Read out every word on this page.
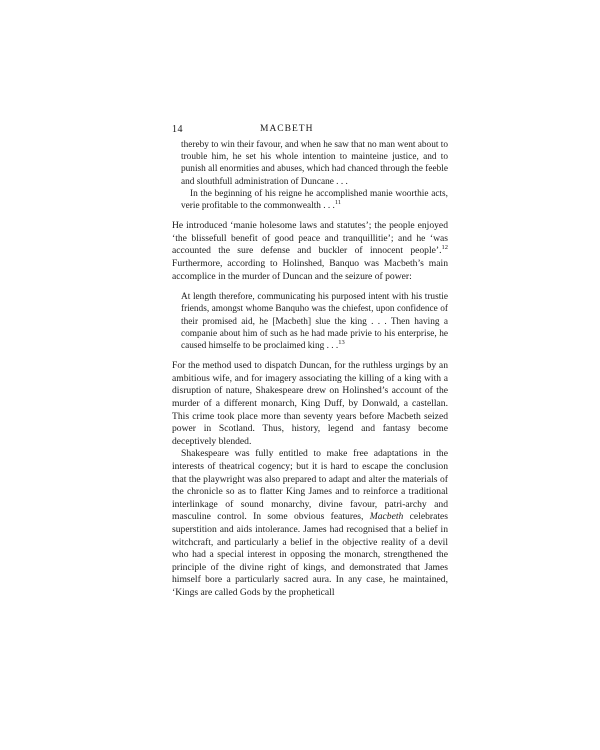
14	MACBETH

thereby to win their favour, and when he saw that no man went about to trouble him, he set his whole intention to mainteine justice, and to punish all enormities and abuses, which had chanced through the feeble and slouthfull administration of Duncane . . .

In the beginning of his reigne he accomplished manie woorthie acts, verie profitable to the commonwealth . . .$^{11}$

He introduced ‘manie holesome laws and statutes’; the people enjoyed ‘the blissefull benefit of good peace and tranquillitie’; and he ‘was accounted the sure defense and buckler of innocent people’.$^{12}$ Furthermore, according to Holinshed, Banquo was Macbeth’s main accomplice in the murder of Duncan and the seizure of power:

At length therefore, communicating his purposed intent with his trustie friends, amongst whome Banquho was the chiefest, upon confidence of their promised aid, he [Macbeth] slue the king . . . Then having a companie about him of such as he had made privie to his enterprise, he caused himselfe to be proclaimed king . . .$^{13}$

For the method used to dispatch Duncan, for the ruthless urgings by an ambitious wife, and for imagery associating the killing of a king with a disruption of nature, Shakespeare drew on Holinshed’s account of the murder of a different monarch, King Duff, by Donwald, a castellan. This crime took place more than seventy years before Macbeth seized power in Scotland. Thus, history, legend and fantasy become deceptively blended.

Shakespeare was fully entitled to make free adaptations in the interests of theatrical cogency; but it is hard to escape the conclusion that the playwright was also prepared to adapt and alter the materials of the chronicle so as to flatter King James and to reinforce a traditional interlinkage of sound monarchy, divine favour, patri-archy and masculine control. In some obvious features, Macbeth celebrates superstition and aids intolerance. James had recognised that a belief in witchcraft, and particularly a belief in the objective reality of a devil who had a special interest in opposing the monarch, strengthened the principle of the divine right of kings, and demonstrated that James himself bore a particularly sacred aura. In any case, he maintained, ‘Kings are called Gods by the propheticall
